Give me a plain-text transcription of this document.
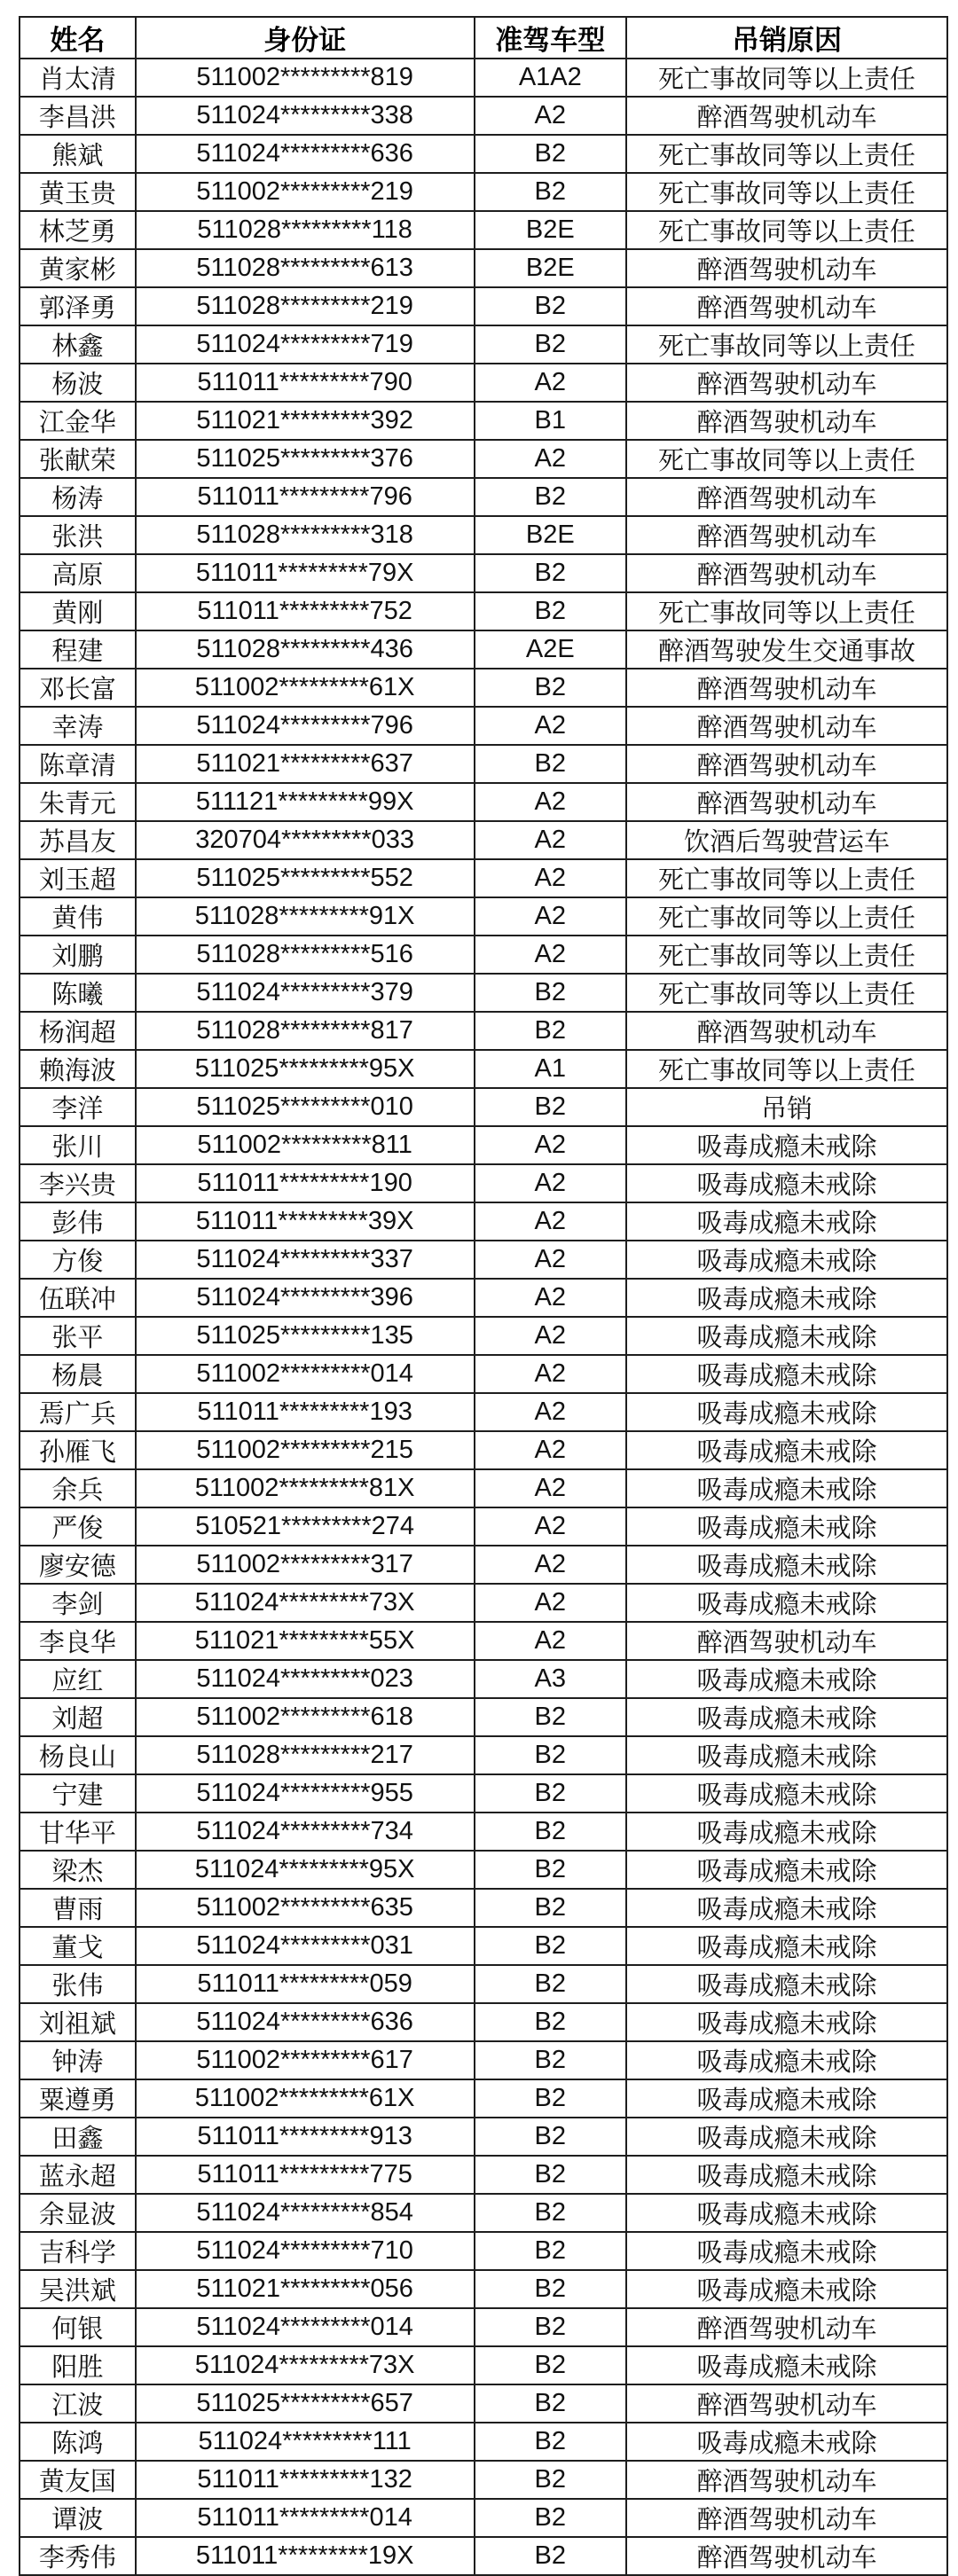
姓名	身份证	准驾车型	吊销原因
肖太清	511002*********819	A1A2	死亡事故同等以上责任
李昌洪	511024*********338	A2	醉酒驾驶机动车
熊斌	511024*********636	B2	死亡事故同等以上责任
黄玉贵	511002*********219	B2	死亡事故同等以上责任
林芝勇	511028*********118	B2E	死亡事故同等以上责任
黄家彬	511028*********613	B2E	醉酒驾驶机动车
郭泽勇	511028*********219	B2	醉酒驾驶机动车
林鑫	511024*********719	B2	死亡事故同等以上责任
杨波	511011*********790	A2	醉酒驾驶机动车
江金华	511021*********392	B1	醉酒驾驶机动车
张献荣	511025*********376	A2	死亡事故同等以上责任
杨涛	511011*********796	B2	醉酒驾驶机动车
张洪	511028*********318	B2E	醉酒驾驶机动车
高原	511011*********79X	B2	醉酒驾驶机动车
黄刚	511011*********752	B2	死亡事故同等以上责任
程建	511028*********436	A2E	醉酒驾驶发生交通事故
邓长富	511002*********61X	B2	醉酒驾驶机动车
幸涛	511024*********796	A2	醉酒驾驶机动车
陈章清	511021*********637	B2	醉酒驾驶机动车
朱青元	511121*********99X	A2	醉酒驾驶机动车
苏昌友	320704*********033	A2	饮酒后驾驶营运车
刘玉超	511025*********552	A2	死亡事故同等以上责任
黄伟	511028*********91X	A2	死亡事故同等以上责任
刘鹏	511028*********516	A2	死亡事故同等以上责任
陈曦	511024*********379	B2	死亡事故同等以上责任
杨润超	511028*********817	B2	醉酒驾驶机动车
赖海波	511025*********95X	A1	死亡事故同等以上责任
李洋	511025*********010	B2	吊销
张川	511002*********811	A2	吸毒成瘾未戒除
李兴贵	511011*********190	A2	吸毒成瘾未戒除
彭伟	511011*********39X	A2	吸毒成瘾未戒除
方俊	511024*********337	A2	吸毒成瘾未戒除
伍联冲	511024*********396	A2	吸毒成瘾未戒除
张平	511025*********135	A2	吸毒成瘾未戒除
杨晨	511002*********014	A2	吸毒成瘾未戒除
焉广兵	511011*********193	A2	吸毒成瘾未戒除
孙雁飞	511002*********215	A2	吸毒成瘾未戒除
余兵	511002*********81X	A2	吸毒成瘾未戒除
严俊	510521*********274	A2	吸毒成瘾未戒除
廖安德	511002*********317	A2	吸毒成瘾未戒除
李剑	511024*********73X	A2	吸毒成瘾未戒除
李良华	511021*********55X	A2	醉酒驾驶机动车
应红	511024*********023	A3	吸毒成瘾未戒除
刘超	511002*********618	B2	吸毒成瘾未戒除
杨良山	511028*********217	B2	吸毒成瘾未戒除
宁建	511024*********955	B2	吸毒成瘾未戒除
甘华平	511024*********734	B2	吸毒成瘾未戒除
梁杰	511024*********95X	B2	吸毒成瘾未戒除
曹雨	511002*********635	B2	吸毒成瘾未戒除
董戈	511024*********031	B2	吸毒成瘾未戒除
张伟	511011*********059	B2	吸毒成瘾未戒除
刘祖斌	511024*********636	B2	吸毒成瘾未戒除
钟涛	511002*********617	B2	吸毒成瘾未戒除
粟遵勇	511002*********61X	B2	吸毒成瘾未戒除
田鑫	511011*********913	B2	吸毒成瘾未戒除
蓝永超	511011*********775	B2	吸毒成瘾未戒除
余显波	511024*********854	B2	吸毒成瘾未戒除
吉科学	511024*********710	B2	吸毒成瘾未戒除
吴洪斌	511021*********056	B2	吸毒成瘾未戒除
何银	511024*********014	B2	醉酒驾驶机动车
阳胜	511024*********73X	B2	吸毒成瘾未戒除
江波	511025*********657	B2	醉酒驾驶机动车
陈鸿	511024*********111	B2	吸毒成瘾未戒除
黄友国	511011*********132	B2	醉酒驾驶机动车
谭波	511011*********014	B2	醉酒驾驶机动车
李秀伟	511011*********19X	B2	醉酒驾驶机动车
